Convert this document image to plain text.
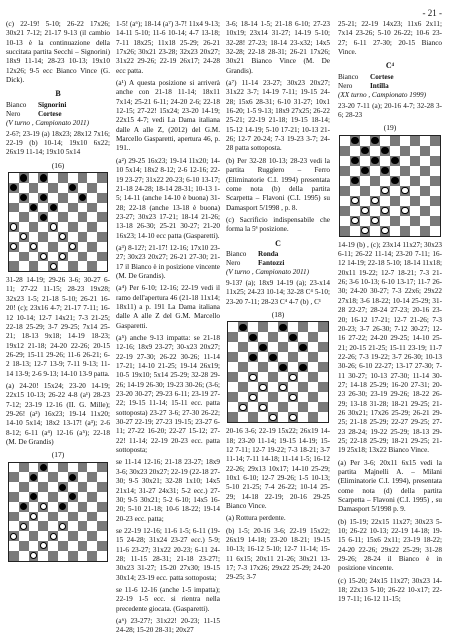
- 21 -

(c) 22-19! 5-10; 26-22 17x26; 30x21 7-12; 21-17 9-13 (il cambio 10-13 è la continuazione della succitata partita Secchi – Signorini) 18x9 11-14; 28-23 10-13; 19x10 12x26; 9-5 ecc Bianco Vince (G. Dick).

B
Bianco	Signorini
Nero	Cortese
(V turno , Campionato 2011)

2-6?; 23-19 (a) 18x23; 28x12 7x16; 22-19 (b) 10-14; 19x10 6x22; 26x19 11-14; 19x10 5x14

(16)

31-28 14-19; 29-26 3-6; 30-27 6-11; 27-22 11-15; 28-23 19x28; 32x23 1-5; 21-18 5-10; 26-21 16-20! (c); 23x16 4-7; 21-17 7-11; 16-12 10-14; 12-7 14x21; 7-3 21-25; 22-18 25-29; 3-7 29-25; 7x14 25-21; 18-13 9x18; 14-19 18-23; 19x12 21-18; 24-20 22-26; 20-15 26-29; 15-11 29-26; 11-6 26-21; 6-2 18-13; 12-7 13-9; 7-11 9-13; 11-14 13-9; 2-6 9-13; 14-10 13-9 patta.

(a) 24-20! 15x24; 23-20 14-19; 22x15 10-13; 26-22 4-8 (a¹) 28-23 7-12; 23-19 12-16 (II. G. Mille); 29-26! (a²) 16x23; 19-14 11x20; 14-10 5x14; 18x2 13-17! (a³); 2-6 8-12; 6-11 (a⁴) 12-16 (a⁵); 22-18 (M. De Grandis)

(17)

1-5! (a⁶); 18-14 (a⁷) 3-7! 11x4 9-13; 14-11 5-10; 11-6 10-14; 4-7 13-18; 7-11 18x25; 11x18 25-29; 26-21 17x26; 30x21 23-28; 32x23 20x27; 31x22 29-26; 22-19 26x17; 24-28 ecc patta.

(a¹) A questa posizione si arriverà anche con 21-18 11-14; 18x11 7x14; 25-21 6-11; 24-20 2-6; 22-18 12-15; 27-22! 15x24; 23-20 14-19; 22x15 4-7; vedi La Dama italiana dalle A alle Z, (2012) del G.M. Marcello Gasparetti, apertura 46, p. 191..

(a²) 29-25 16x23; 19-14 11x20; 14-10 5x14; 18x2 8-12; 2-6 12-16; 22-19 23-27; 31x22 20-23; 6-10 13-17; 21-18 24-28; 18-14 28-31; 10-13 1-5; 14-11 (anche 14-10 è buona) 31-28; 22-18 (anche 13-18 è buona) 23-27; 30x23 17-21; 18-14 21-26; 13-18 26-30; 25-21 30-27; 21-20 16x23; 14-10 ecc patta (Gasparetti).

(a³) 8-12?; 21-17! 12-16; 17x10 23-27; 30x23 20x27; 26-21 27-30; 21-17 il Bianco è in posizione vincente (M. De Grandis).

(a⁴) Per 6-10; 12-16; 22-19 vedi il ramo dell'apertura 46 (21-18 11x14; 18x11) a p. 191 La Dama italiana dalle A alle Z del G.M. Marcello Gasparetti.

(a⁵) anche 9-13 impatta: se 21-18 12-16; 18x9 23-27; 30-x23 20x27; 22-19 27-30; 26-22 30-26; 11-14 17-21; 14-10 21-25; 19-14 26x19; 10-5 19x10; 5x14 25-29; 32-28 29-26; 14-19 26-30; 19-23 30-26; (3-6; 23-20 30-27; 29-23 6-11; 23-19 27-22; 19-15 11-14; 15-11 ecc. patta sottoposta) 23-27 3-6; 27-30 26-22; 30-27 22-19; 27-23 19-15; 23-27 6-11; 27-22 16-20; 22-27 15-12; 27-22! 11-14; 22-19 20-23 ecc. patta sottoposta;

se 11-14 12-16; 21-18 23-27; 18x9 3-6; 30x23 20x27; 22-19 (22-18 27-30; 9-5 30x21; 32-28 1x10; 14x5 21x14; 31-27 24x31; 5-2 ecc.) 27-30; 9-5 30x21; 5-2 6-10; 14x5 16-20; 5-10 21-18; 10-6 18-22; 19-14 20-23 ecc. patta;

se 22-19 12-16; 11-6 1-5; 6-11 (19-15 24-28; 31x24 23-27 ecc.) 5-9; 11-6 23-27; 31x22 20-23; 6-11 24-28; 11-15 28-31; 21-18 23-27!; 30x23 31-27; 15-20 27x30; 19-15 30x14; 23-19 ecc. patta sottoposta;

se 11-6 12-16 (anche 1-5 impatta); 22-19 1-5 ecc. si rientra nella precedente giocata. (Gasparetti).

(a⁶) 23-27?; 31x22! 20-23; 11-15 24-28; 15-20 28-31; 20x27

3-6; 18-14 1-5; 21-18 6-10; 27-23 10x19; 23x14 31-27; 14-19 5-10; 32-28! 27-23; 18-14 23-x32; 14x5 32-28; 22-18 28-31; 26-21 17x26; 30x21 Bianco Vince (M. De Grandis).

(a⁷) 11-14 23-27; 30x23 20x27; 31x22 3-7; 14-19 7-11; 19-15 24-28; 15x6 28-31; 6-10 31-27; 10x1 16-20; 1-5 9-13; 18x9 27x25; 26-22 25-21; 22-19 21-18; 19-15 18-14; 15-12 14-19; 5-10 17-21; 10-13 21-26; 12-7 20-24; 7-3 19-23 3-7; 24-28 patta sottoposta.

(b) Per 32-28 10-13; 28-23 vedi la partita Ruggiero – Ferro (Eliminatorie C.I. 1994) presentata come nota (b) della partita Scarpetta – Flavoni (C.I. 1995) su Damasport 5/1998 , p. 8.

(c) Sacrificio indispensabile che forma la 5ª posizione.

C
Bianco	Ronda
Nero	Fantozzi
(V turno , Campionato 2011)

9-13? (a); 18x9 14-19 (a); 23-x14 11x25; 24-23 10-14; 32-28 C⁴ 5-10; 23-20 7-11; 28-23 C⁴ 4-7 (b) , C¹

(18)

20-16 3-6; 22-19 15x22; 26x19 14-18; 23-20 11-14; 19-15 14-19; 15-12 7-11; 12-7 19-22; 7-3 18-21; 3-7 11-14; 7-11 14-18; 11-14 1-5; 16-12 22-26; 29x13 10x17; 14-10 25-29; 10x1 6-10; 12-7 29-26; 1-5 10-13; 5-10 21-25; 7-4 26-22; 10-14 25-29; 14-18 22-19; 20-16 29-25 Bianco Vince.

(a) Rottura perdente.

(b) 1-5; 20-16 3-6; 22-19 15x22; 26x19 14-18; 23-20 18-21; 19-15 10-13; 16-12 5-10; 12-7 11-14; 15-11 6x15; 20x11 21-26; 30x21 13-17; 7-3 17x26; 29x22 25-29; 24-20 29-25; 3-7

25-21; 22-19 14x23; 11x6 2x11; 7x14 23-26; 5-10 26-22; 10-6 23-27; 6-11 27-30; 20-15 Bianco Vince.

C⁴
Bianco	Cortese
Nero	Intilla
(XX turno , Campionato 1999)

23-20 7-11 (a); 20-16 4-7; 32-28 3-6; 28-23

(19)

14-19 (b) , (c); 23x14 11x27; 30x23 6-11; 26-22 11-14; 23-20 7-11; 16-12 14-19; 22-18 5-10; 18-14 11x18; 20x11 19-22; 12-7 18-21; 7-3 21-26; 3-6 10-13; 6-10 13-17; 11-7 26-30; 24-20 30-27; 7-3 22x6; 29x22 27x18; 3-6 18-22; 10-14 25-29; 31-28 22-27; 28-24 27-23; 20-16 23-20; 16-12 17-21; 12-7 21-26; 7-3 20-23; 3-7 26-30; 7-12 30-27; 12-16 27-22; 24-20 29-25; 14-10 25-21; 20-15 21-25; 15-11 23-19; 11-7 22-26; 7-3 19-22; 3-7 26-30; 10-13 30-26; 6-10 22-27; 13-17 27-30; 7-11 30-27; 10-13 27-30; 11-14 30-27; 14-18 25-29; 16-20 27-31; 20-23 26-30; 23-19 29-26; 18-22 26-29; 13-18 31-28; 18-21 29-25; 21-26 30x21; 17x26 25-29; 26-21 29-25; 21-18 25-29; 22-27 29-25; 27-23 28-24; 19-22 25-29; 18-13 29-25; 22-18 25-29; 18-21 29-25; 21-19 25x18; 13x22 Bianco Vince.

(a) Per 3-6; 20x11 6x15 vedi la partita Majnelli A. – Milani (Eliminatorie C.I. 1994), presentata come nota (d) della partita Scarpetta – Flavoni (C.I. 1995) , su Damasport 5/1998 p. 9.

(b) 15-19; 22x15 11x27; 30x23 5-10; 26-22 10-13; 22-19 14-18; 19-15 6-11; 15x6 2x11; 23-19 18-22; 24-20 22-26; 29x22 25-29; 31-28 29-26; 28-24 il Bianco è in posizione vincente.

(c) 15-20; 24x15 11x27; 30x23 14-18; 22x13 5-10; 26-22 10-x17; 22-19 7-11; 16-12 11-15;
